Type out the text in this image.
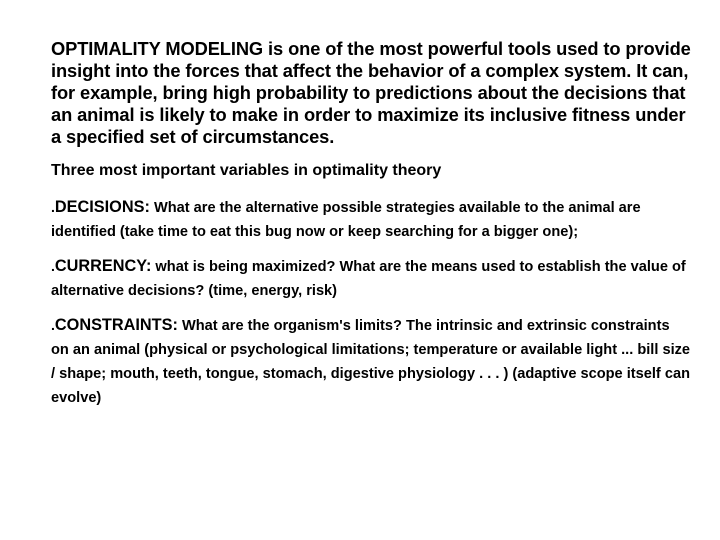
OPTIMALITY MODELING is one of the most powerful tools used to provide insight into the forces that affect the behavior of a complex system. It can, for example, bring high probability to predictions about the decisions that an animal is likely to make in order to maximize its inclusive fitness under a specified set of circumstances.

Three most important variables in optimality theory

.DECISIONS: What are the alternative possible strategies available to the animal are identified (take time to eat this bug now or keep searching for a bigger one);

.CURRENCY: what is being maximized? What are the means used to establish the value of alternative decisions? (time, energy, risk)

.CONSTRAINTS: What are the organism's limits? The intrinsic and extrinsic constraints on an animal (physical or psychological limitations; temperature or available light ... bill size / shape; mouth, teeth, tongue, stomach, digestive physiology . . . ) (adaptive scope itself can evolve)
